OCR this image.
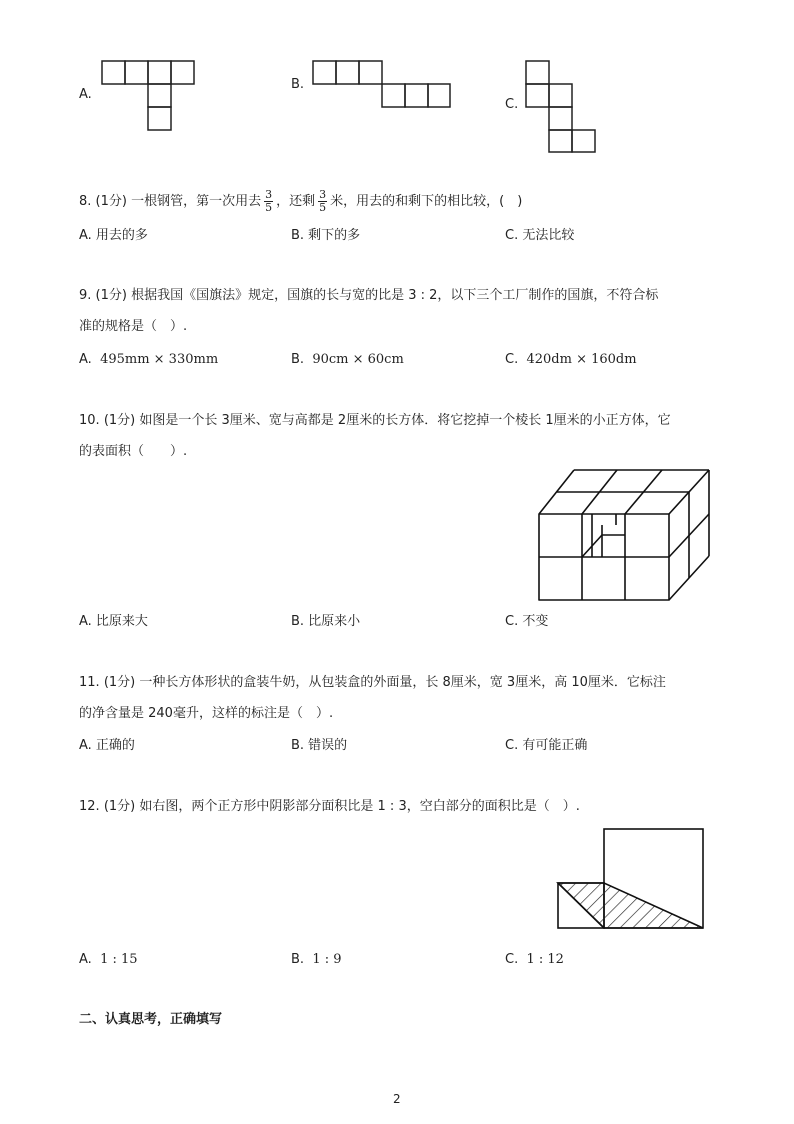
A.
B.
C.
8. (1分) 一根钢管，第一次用去 $\frac{3}{5}$ ，还剩 $\frac{3}{5}$ 米，用去的和剩下的相比较，(　)
A. 用去的多	B. 剩下的多	C. 无法比较
9. (1分) 根据我国《国旗法》规定，国旗的长与宽的比是 3 : 2，以下三个工厂制作的国旗，不符合标
准的规格是（　）.
A. 495mm × 330mm	B. 90cm × 60cm	C. 420dm × 160dm
10. (1分) 如图是一个长 3厘米、宽与高都是 2厘米的长方体．将它挖掉一个棱长 1厘米的小正方体，它
的表面积（　　）.
A. 比原来大	B. 比原来小	C. 不变
11. (1分) 一种长方体形状的盒装牛奶，从包装盒的外面量，长 8厘米，宽 3厘米，高 10厘米．它标注
的净含量是 240毫升，这样的标注是（　）.
A. 正确的	B. 错误的	C. 有可能正确
12. (1分) 如右图，两个正方形中阴影部分面积比是 1 : 3，空白部分的面积比是（　）.
A. 1 : 15	B. 1 : 9	C. 1 : 12
二、认真思考，正确填写
2
